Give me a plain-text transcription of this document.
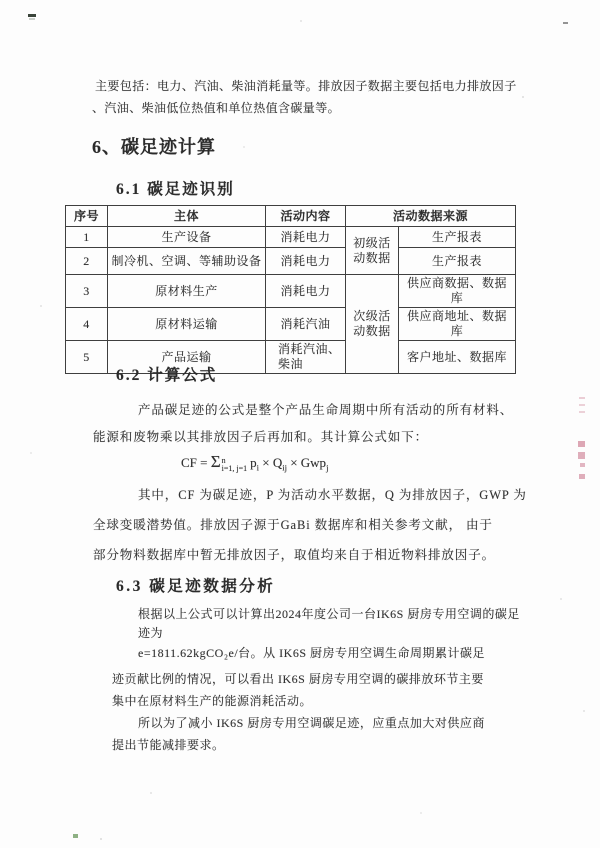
主要包括：电力、汽油、柴油消耗量等。排放因子数据主要包括电力排放因子
、汽油、柴油低位热值和单位热值含碳量等。
6、碳足迹计算
6.1 碳足迹识别
序号	主体	活动内容	活动数据来源	
1	生产设备	消耗电力	初级活动数据	生产报表
2	制冷机、空调、等辅助设备	消耗电力		生产报表
3	原材料生产	消耗电力	次级活动数据	供应商数据、数据库
4	原材料运输	消耗汽油		供应商地址、数据库
5	产品运输	消耗汽油、柴油		客户地址、数据库
6.2 计算公式
产品碳足迹的公式是整个产品生命周期中所有活动的所有材料、
能源和废物乘以其排放因子后再加和。其计算公式如下：
CF = Σ n
i=1, j=1 $p_i \times Q_{ij} \times Gwp_j$
其中，CF 为碳足迹，P 为活动水平数据，Q 为排放因子，GWP 为
全球变暖潜势值。排放因子源于GaBi 数据库和相关参考文献， 由于
部分物料数据库中暂无排放因子，取值均来自于相近物料排放因子。
6.3 碳足迹数据分析
根据以上公式可以计算出2024年度公司一台IK6S 厨房专用空调的碳足
迹为
e=1811.62kgCO₂e/台。从 IK6S 厨房专用空调生命周期累计碳足
迹贡献比例的情况，可以看出 IK6S 厨房专用空调的碳排放环节主要
集中在原材料生产的能源消耗活动。
所以为了减小 IK6S 厨房专用空调碳足迹，应重点加大对供应商
提出节能减排要求。
